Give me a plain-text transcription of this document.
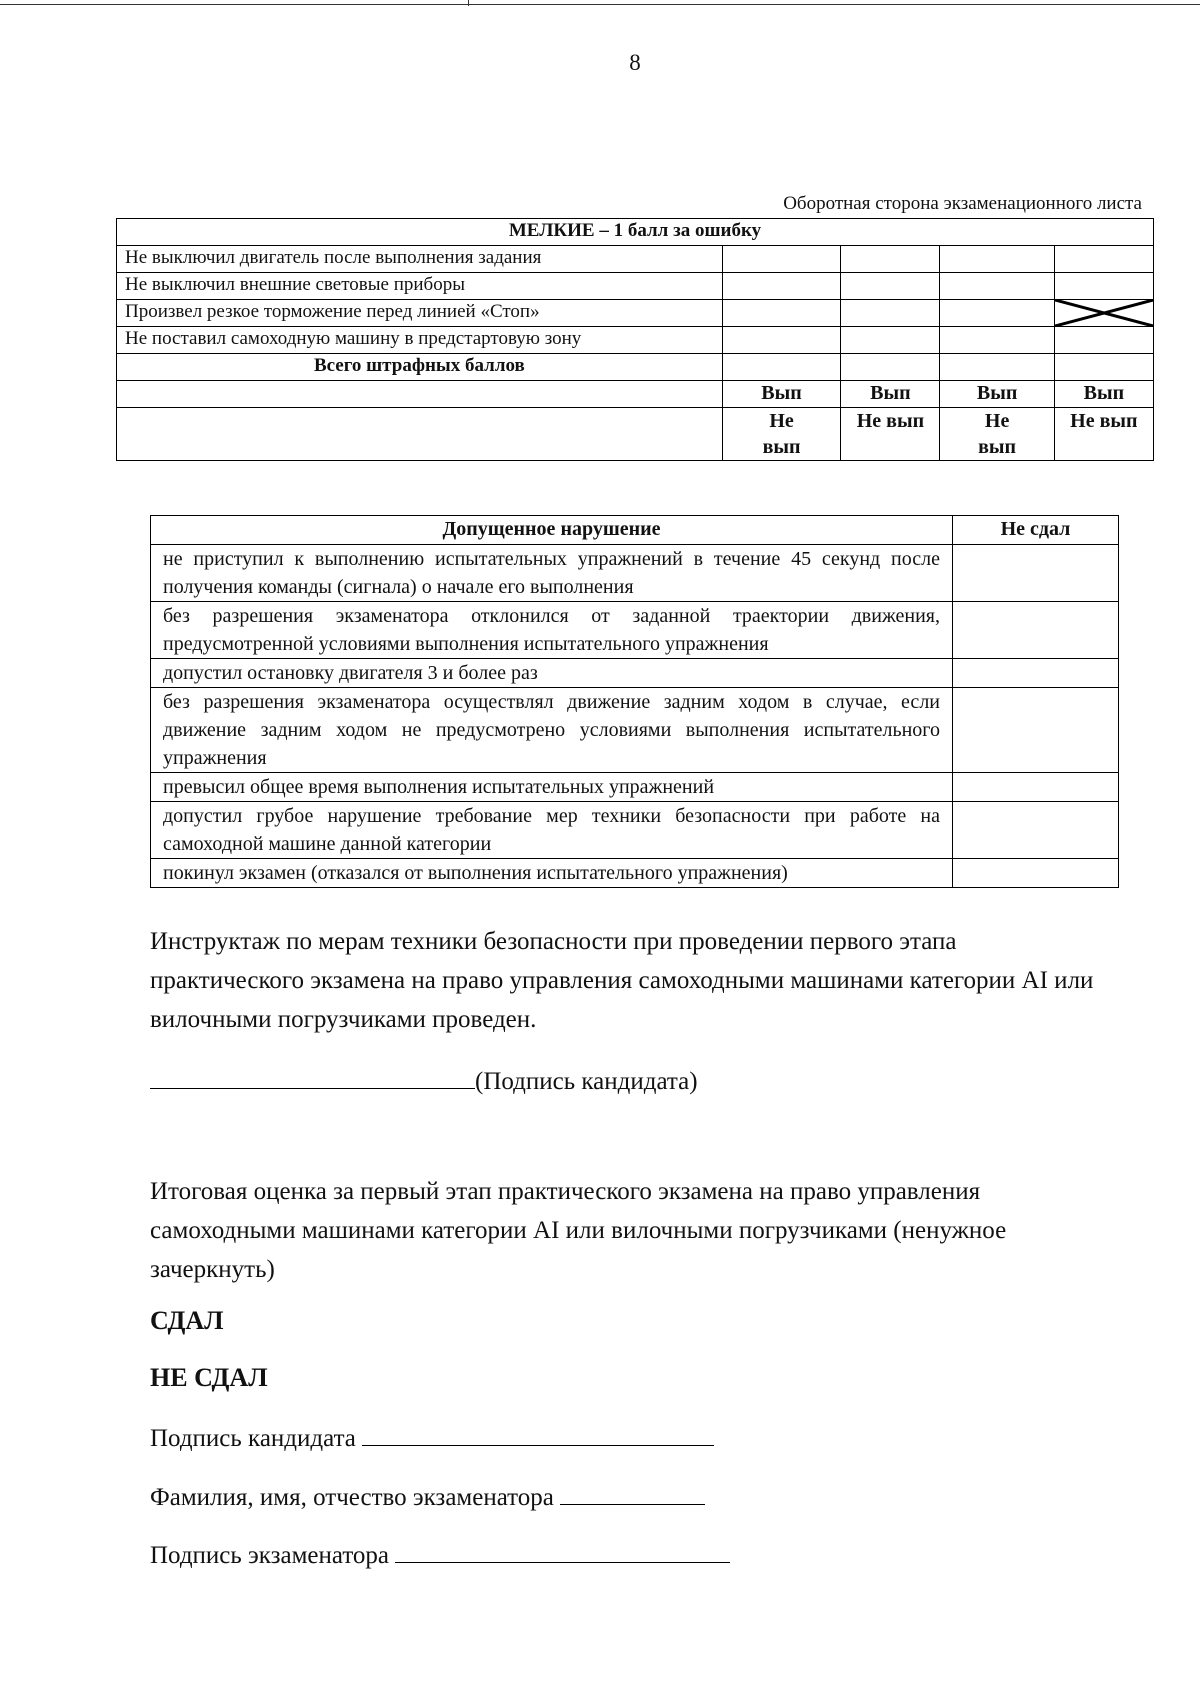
8
Оборотная сторона экзаменационного листа
МЕЛКИЕ – 1 балл за ошибку				
Не выключил двигатель после выполнения задания				
Не выключил внешние световые приборы				
Произвел резкое торможение перед линией «Стоп»				

Не поставил самоходную машину в предстартовую зону				
Всего штрафных баллов				
	Вып	Вып	Вып	Вып
	Не вып	Не вып	Не вып	Не вып
Допущенное нарушение	Не сдал
не приступил к выполнению испытательных упражнений в течение 45 секунд после получения команды (сигнала) о начале его выполнения	
без разрешения экзаменатора отклонился от заданной траектории движения, предусмотренной условиями выполнения испытательного упражнения	
допустил остановку двигателя 3 и более раз	
без разрешения экзаменатора осуществлял движение задним ходом в случае, если движение задним ходом не предусмотрено условиями выполнения испытательного упражнения	
превысил общее время выполнения испытательных упражнений	
допустил грубое нарушение требование мер техники безопасности при работе на самоходной машине данной категории	
покинул экзамен (отказался от выполнения испытательного упражнения)	
Инструктаж по мерам техники безопасности при проведении первого этапа практического экзамена на право управления самоходными машинами категории AI или вилочными погрузчиками проведен.
(Подпись кандидата)
Итоговая оценка за первый этап практического экзамена на право управления самоходными машинами категории AI или вилочными погрузчиками (ненужное зачеркнуть)
СДАЛ
НЕ СДАЛ
Подпись кандидата
Фамилия, имя, отчество экзаменатора
Подпись экзаменатора
